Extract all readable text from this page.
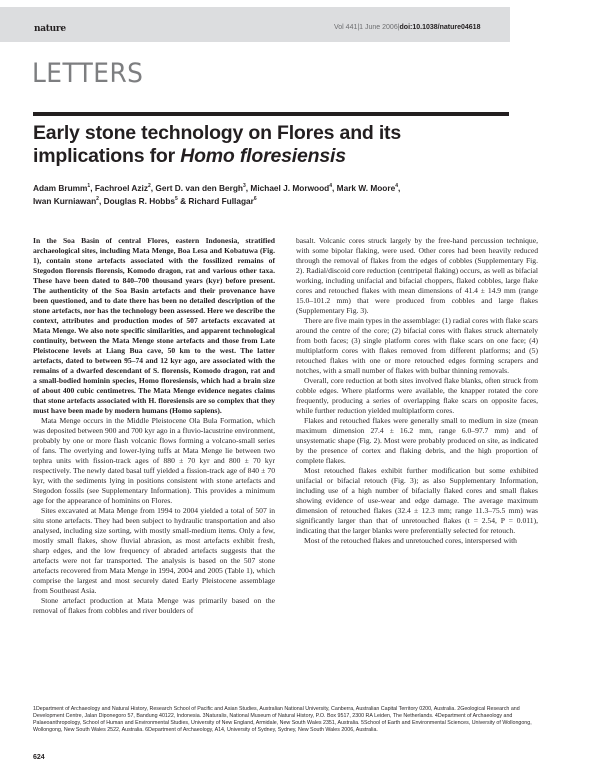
nature	Vol 441|1 June 2006|doi:10.1038/nature04618
LETTERS
Early stone technology on Flores and its implications for Homo floresiensis
Adam Brumm$^1$, Fachroel Aziz$^2$, Gert D. van den Bergh$^3$, Michael J. Morwood$^4$, Mark W. Moore$^4$,
Iwan Kurniawan$^2$, Douglas R. Hobbs$^5$ & Richard Fullagar$^6$

In the Soa Basin of central Flores, eastern Indonesia, stratified archaeological sites, including Mata Menge, Boa Lesa and Kobatuwa (Fig. 1), contain stone artefacts associated with the fossilized remains of Stegodon florensis florensis, Komodo dragon, rat and various other taxa. These have been dated to 840–700 thousand years (kyr) before present. The authenticity of the Soa Basin artefacts and their provenance have been questioned, and to date there has been no detailed description of the stone artefacts, nor has the technology been assessed. Here we describe the context, attributes and production modes of 507 artefacts excavated at Mata Menge. We also note specific similarities, and apparent technological continuity, between the Mata Menge stone artefacts and those from Late Pleistocene levels at Liang Bua cave, 50 km to the west. The latter artefacts, dated to between 95–74 and 12 kyr ago, are associated with the remains of a dwarfed descendant of S. florensis, Komodo dragon, rat and a small-bodied hominin species, Homo floresiensis, which had a brain size of about 400 cubic centimetres. The Mata Menge evidence negates claims that stone artefacts associated with H. floresiensis are so complex that they must have been made by modern humans (Homo sapiens).

Mata Menge occurs in the Middle Pleistocene Ola Bula Formation, which was deposited between 900 and 700 kyr ago in a fluvio-lacustrine environment, probably by one or more flash volcanic flows forming a volcano-small series of fans. The overlying and lower-lying tuffs at Mata Menge lie between two tephra units with fission-track ages of 880 ± 70 kyr and 800 ± 70 kyr respectively. The newly dated basal tuff yielded a fission-track age of 840 ± 70 kyr, with the sediments lying in positions consistent with stone artefacts and Stegodon fossils (see Supplementary Information). This provides a minimum age for the appearance of hominins on Flores.

Sites excavated at Mata Menge from 1994 to 2004 yielded a total of 507 in situ stone artefacts. They had been subject to hydraulic transportation and also analysed, including size sorting, with mostly small-medium items. Only a few, mostly small flakes, show fluvial abrasion, as most artefacts exhibit fresh, sharp edges, and the low frequency of abraded artefacts suggests that the artefacts were not far transported. The analysis is based on the 507 stone artefacts recovered from Mata Menge in 1994, 2004 and 2005 (Table 1), which comprise the largest and most securely dated Early Pleistocene assemblage from Southeast Asia.

Stone artefact production at Mata Menge was primarily based on the removal of flakes from cobbles and river boulders of

basalt. Volcanic cores struck largely by the free-hand percussion technique, with some bipolar flaking, were used. Other cores had been heavily reduced through the removal of flakes from the edges of cobbles (Supplementary Fig. 2). Radial/discoid core reduction (centripetal flaking) occurs, as well as bifacial working, including unifacial and bifacial choppers, flaked cobbles, large flake cores and retouched flakes with mean dimensions of 41.4 ± 14.9 mm (range 15.0–101.2 mm) that were produced from cobbles and large flakes (Supplementary Fig. 3).

There are five main types in the assemblage: (1) radial cores with flake scars around the centre of the core; (2) bifacial cores with flakes struck alternately from both faces; (3) single platform cores with flake scars on one face; (4) multiplatform cores with flakes removed from different platforms; and (5) retouched flakes with one or more retouched edges forming scrapers and notches, with a small number of flakes with bulbar thinning removals.

Overall, core reduction at both sites involved flake blanks, often struck from cobble edges. Where platforms were available, the knapper rotated the core frequently, producing a series of overlapping flake scars on opposite faces, while further reduction yielded multiplatform cores.

Flakes and retouched flakes were generally small to medium in size (mean maximum dimension 27.4 ± 16.2 mm, range 6.0–97.7 mm) and of unsystematic shape (Fig. 2). Most were probably produced on site, as indicated by the presence of cortex and flaking debris, and the high proportion of complete flakes.

Most retouched flakes exhibit further modification but some exhibited unifacial or bifacial retouch (Fig. 3); as also Supplementary Information, including use of a high number of bifacially flaked cores and small flakes showing evidence of use-wear and edge damage. The average maximum dimension of retouched flakes (32.4 ± 12.3 mm; range 11.3–75.5 mm) was significantly larger than that of unretouched flakes (t = 2.54, P = 0.011), indicating that the larger blanks were preferentially selected for retouch.

Most of the retouched flakes and unretouched cores, interspersed with

1Department of Archaeology and Natural History, Research School of Pacific and Asian Studies, Australian National University, Canberra, Australian Capital Territory 0200, Australia. 2Geological Research and Development Centre, Jalan Diponegoro 57, Bandung 40122, Indonesia. 3Naturalis, National Museum of Natural History, P.O. Box 9517, 2300 RA Leiden, The Netherlands. 4Department of Archaeology and Palaeoanthropology, School of Human and Environmental Studies, University of New England, Armidale, New South Wales 2351, Australia. 5School of Earth and Environmental Sciences, University of Wollongong, Wollongong, New South Wales 2522, Australia. 6Department of Archaeology, A14, University of Sydney, Sydney, New South Wales 2006, Australia.
624
